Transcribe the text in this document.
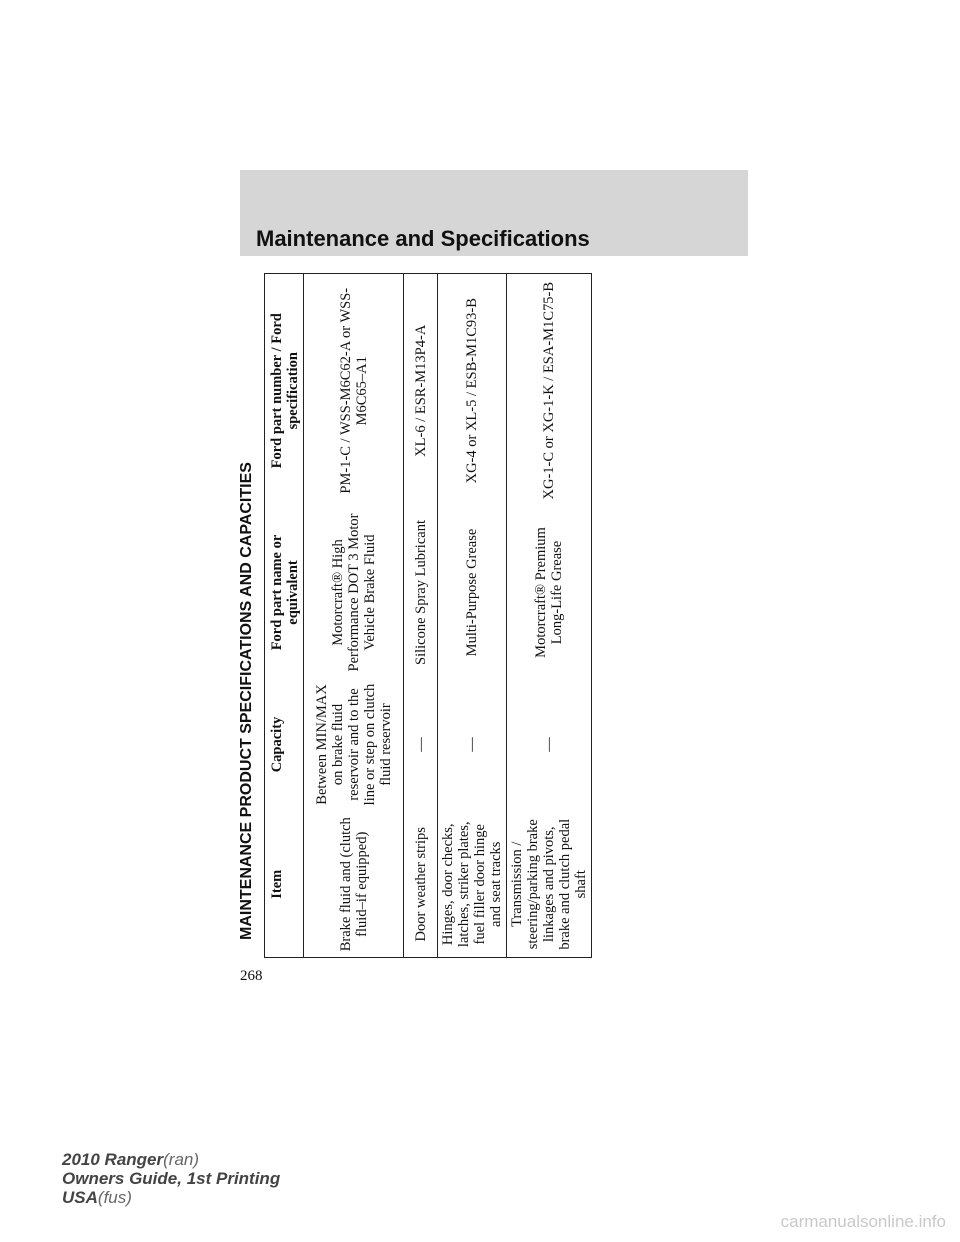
Maintenance and Specifications
MAINTENANCE PRODUCT SPECIFICATIONS AND CAPACITIES Item	Capacity	Ford part name or equivalent	Ford part number / Ford specification
Brake fluid and (clutch fluid–if equipped)	Between MIN/MAX on brake fluid reservoir and to the line or step on clutch fluid reservoir	Motorcraft® High Performance DOT 3 Motor Vehicle Brake Fluid	PM-1-C / WSS-M6C62-A or WSS-M6C65–A1
Door weather strips	—	Silicone Spray Lubricant	XL-6 / ESR-M13P4-A
Hinges, door checks, latches, striker plates, fuel filler door hinge and seat tracks	—	Multi-Purpose Grease	XG-4 or XL-5 / ESB-M1C93-B
Transmission / steering/parking brake linkages and pivots, brake and clutch pedal shaft	—	Motorcraft® Premium Long-Life Grease	XG-1-C or XG-1-K / ESA-M1C75-B
268
2010 Ranger(ran)
Owners Guide, 1st Printing
USA(fus)
carmanualsonline.info
